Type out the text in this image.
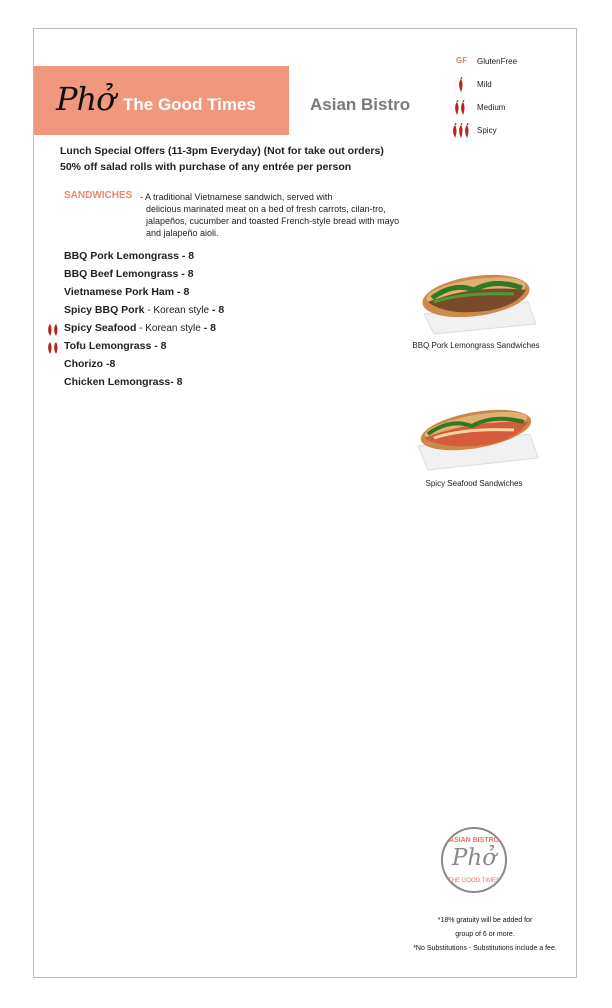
Phở The Good Times	Asian Bistro
GF GlutenFree
Mild
Medium
Spicy
Lunch Special Offers (11-3pm Everyday) (Not for take out orders)
50% off salad rolls with purchase of any entrée per person
SANDWICHES - A traditional Vietnamese sandwich, served with
delicious marinated meat on a bed of fresh carrots, cilan-tro, jalapeños, cucumber and toasted French-style bread with mayo and jalapeño aioli.
BBQ Pork Lemongrass - 8
BBQ Beef Lemongrass - 8
Vietnamese Pork Ham - 8
Spicy BBQ Pork - Korean style - 8
Spicy Seafood - Korean style - 8
Tofu Lemongrass - 8
Chorizo -8
Chicken Lemongrass- 8
BBQ Pork Lemongrass Sandwiches
Spicy Seafood Sandwiches
ASIAN BISTRO
Phở
THE GOOD TIMES
*18% gratuity will be added for
group of 6 or more.
*No Substitutions - Substitutions include a fee.
